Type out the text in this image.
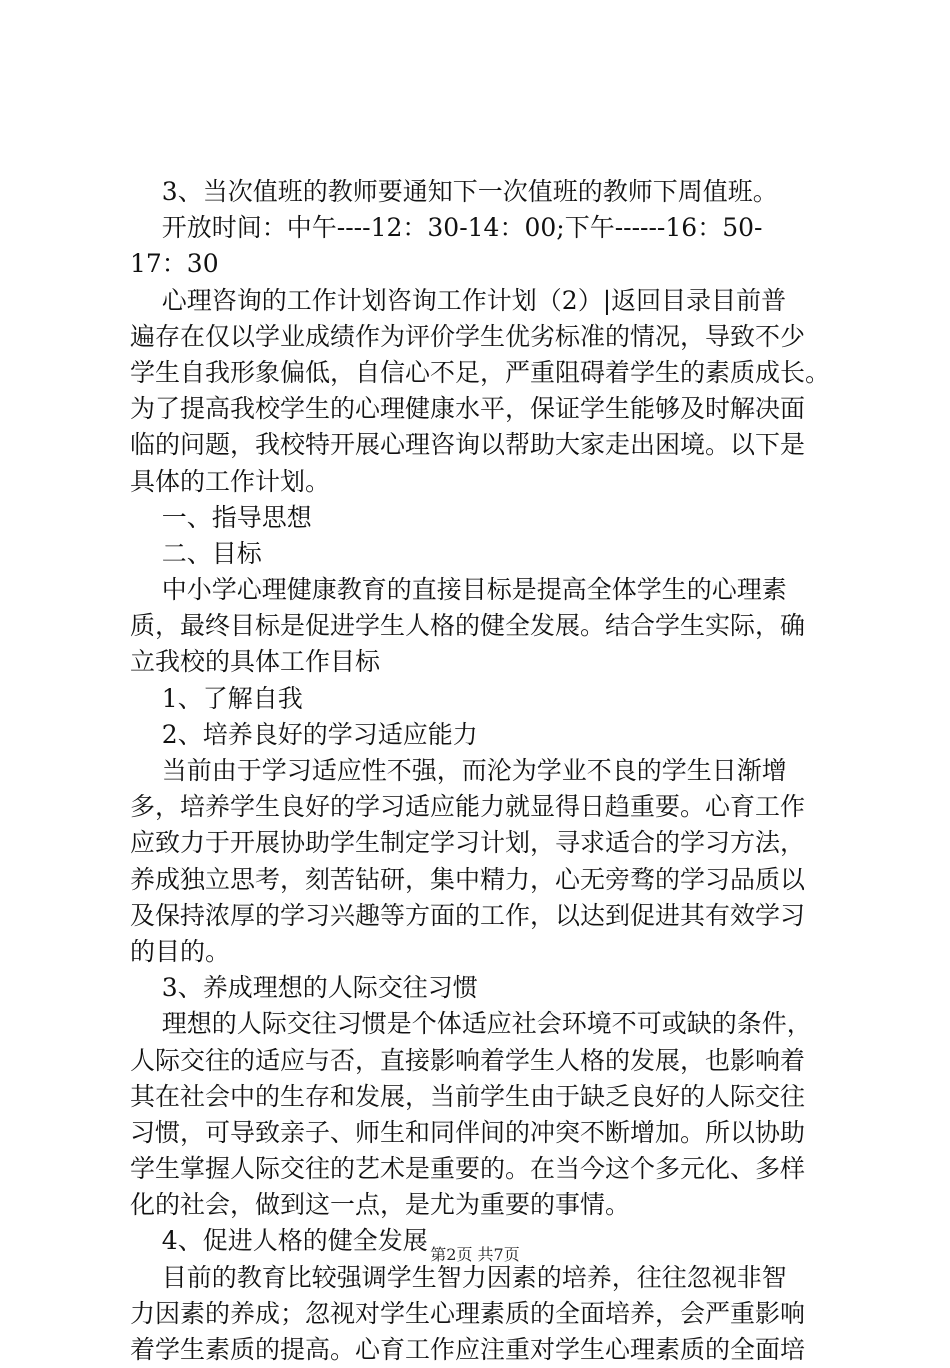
3、当次值班的教师要通知下一次值班的教师下周值班。
开放时间：中午----12：30-14：00;下午------16：50-
17：30
心理咨询的工作计划咨询工作计划（2）|返回目录目前普
遍存在仅以学业成绩作为评价学生优劣标准的情况，导致不少
学生自我形象偏低，自信心不足，严重阻碍着学生的素质成长。
为了提高我校学生的心理健康水平，保证学生能够及时解决面
临的问题，我校特开展心理咨询以帮助大家走出困境。以下是
具体的工作计划。
一、指导思想
二、目标
中小学心理健康教育的直接目标是提高全体学生的心理素
质，最终目标是促进学生人格的健全发展。结合学生实际，确
立我校的具体工作目标
1、了解自我
2、培养良好的学习适应能力
当前由于学习适应性不强，而沦为学业不良的学生日渐增
多，培养学生良好的学习适应能力就显得日趋重要。心育工作
应致力于开展协助学生制定学习计划，寻求适合的学习方法，
养成独立思考，刻苦钻研，集中精力，心无旁骛的学习品质以
及保持浓厚的学习兴趣等方面的工作，以达到促进其有效学习
的目的。
3、养成理想的人际交往习惯
理想的人际交往习惯是个体适应社会环境不可或缺的条件，
人际交往的适应与否，直接影响着学生人格的发展，也影响着
其在社会中的生存和发展，当前学生由于缺乏良好的人际交往
习惯，可导致亲子、师生和同伴间的冲突不断增加。所以协助
学生掌握人际交往的艺术是重要的。在当今这个多元化、多样
化的社会，做到这一点，是尤为重要的事情。
4、促进人格的健全发展
目前的教育比较强调学生智力因素的培养，往往忽视非智
力因素的养成；忽视对学生心理素质的全面培养，会严重影响
着学生素质的提高。心育工作应注重对学生心理素质的全面培
第2页 共7页
